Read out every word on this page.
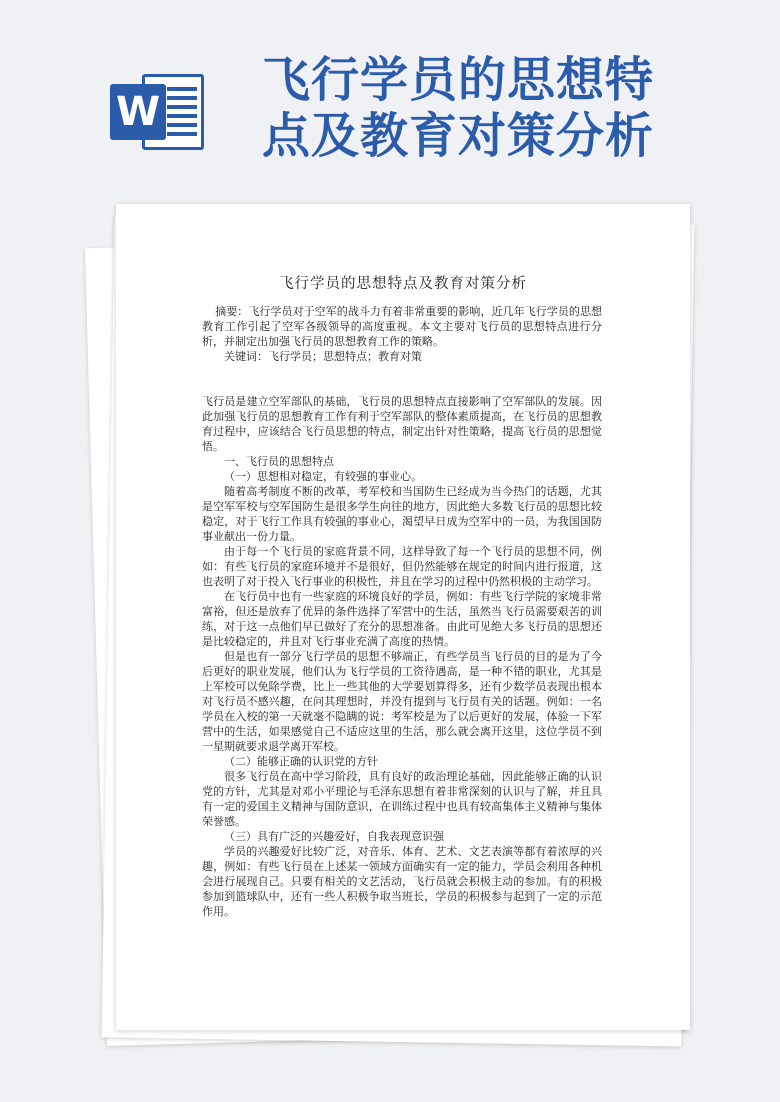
W
飞行学员的思想特
点及教育对策分析
飞行学员的思想特点及教育对策分析

摘要：飞行学员对于空军的战斗力有着非常重要的影响，近几年飞行学员的思想教育工作引起了空军各级领导的高度重视。本文主要对飞行员的思想特点进行分析，并制定出加强飞行员的思想教育工作的策略。

关键词：飞行学员；思想特点；教育对策

飞行员是建立空军部队的基础，飞行员的思想特点直接影响了空军部队的发展。因此加强飞行员的思想教育工作有利于空军部队的整体素质提高，在飞行员的思想教育过程中，应该结合飞行员思想的特点，制定出针对性策略，提高飞行员的思想觉悟。

一、飞行员的思想特点

（一）思想相对稳定，有较强的事业心。

随着高考制度不断的改革，考军校和当国防生已经成为当今热门的话题，尤其是空军军校与空军国防生是很多学生向往的地方，因此绝大多数飞行员的思想比较稳定，对于飞行工作具有较强的事业心，渴望早日成为空军中的一员，为我国国防事业献出一份力量。

由于每一个飞行员的家庭背景不同，这样导致了每一个飞行员的思想不同，例如：有些飞行员的家庭环境并不是很好，但仍然能够在规定的时间内进行报道，这也表明了对于投入飞行事业的积极性，并且在学习的过程中仍然积极的主动学习。

在飞行员中也有一些家庭的环境良好的学员，例如：有些飞行学院的家境非常富裕，但还是放弃了优异的条件选择了军营中的生活，虽然当飞行员需要艰苦的训练，对于这一点他们早已做好了充分的思想准备。由此可见绝大多飞行员的思想还是比较稳定的，并且对飞行事业充满了高度的热情。

但是也有一部分飞行学员的思想不够端正，有些学员当飞行员的目的是为了今后更好的职业发展，他们认为飞行学员的工资待遇高，是一种不错的职业，尤其是上军校可以免除学费，比上一些其他的大学要划算得多，还有少数学员表现出根本对飞行员不感兴趣，在问其理想时，并没有提到与飞行员有关的话题。例如：一名学员在入校的第一天就毫不隐瞒的说：考军校是为了以后更好的发展，体验一下军营中的生活，如果感觉自己不适应这里的生活，那么就会离开这里，这位学员不到一星期就要求退学离开军校。

（二）能够正确的认识党的方针

很多飞行员在高中学习阶段，具有良好的政治理论基础，因此能够正确的认识党的方针，尤其是对邓小平理论与毛泽东思想有着非常深刻的认识与了解，并且具有一定的爱国主义精神与国防意识，在训练过程中也具有较高集体主义精神与集体荣誉感。

（三）具有广泛的兴趣爱好，自我表现意识强

学员的兴趣爱好比较广泛，对音乐、体育、艺术、文艺表演等都有着浓厚的兴趣，例如：有些飞行员在上述某一领域方面确实有一定的能力，学员会利用各种机会进行展现自己。只要有相关的文艺活动，飞行员就会积极主动的参加。有的积极参加到篮球队中，还有一些人积极争取当班长，学员的积极参与起到了一定的示范作用。
